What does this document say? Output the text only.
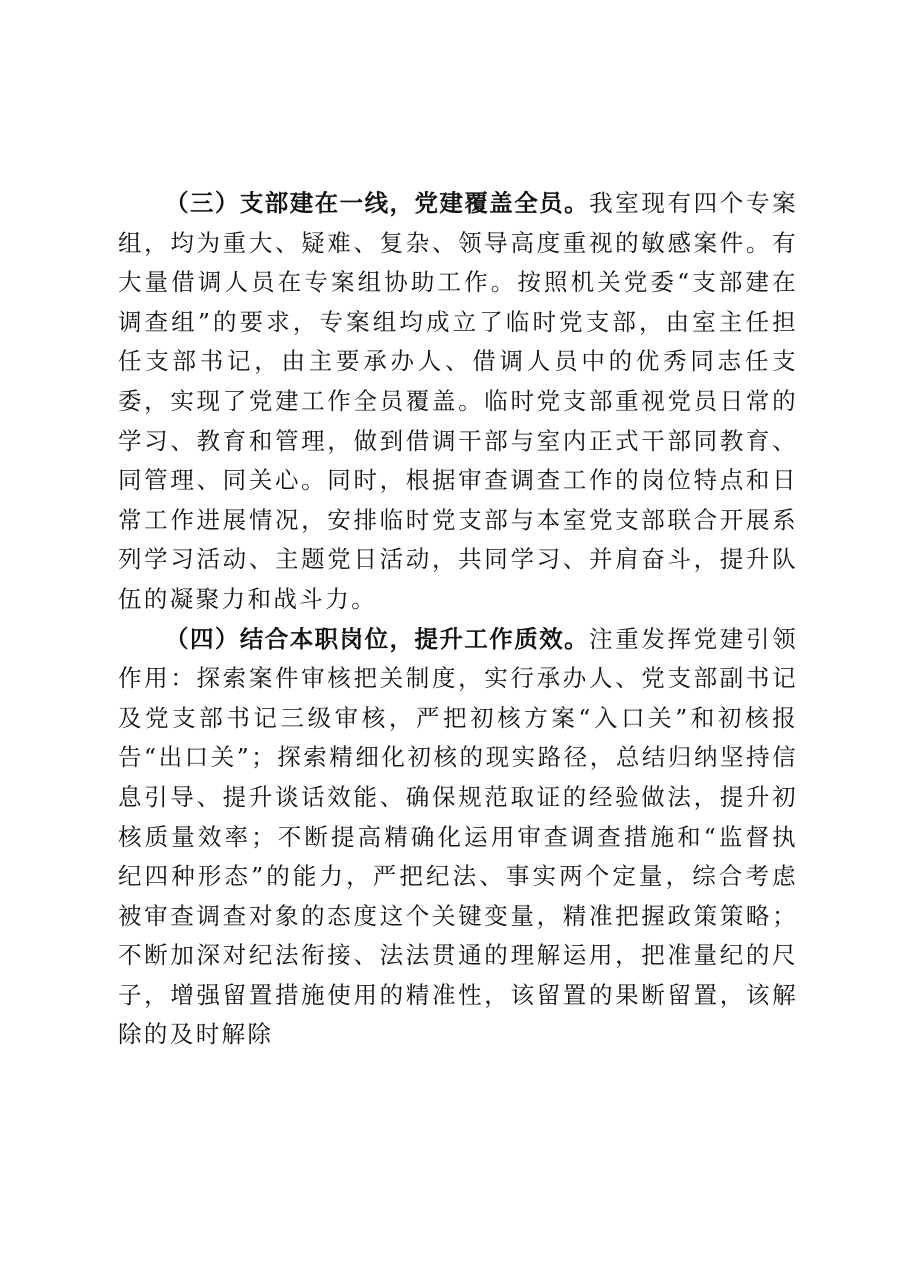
（三）支部建在一线，党建覆盖全员。我室现有四个专案组，均为重大、疑难、复杂、领导高度重视的敏感案件。有大量借调人员在专案组协助工作。按照机关党委“支部建在调查组”的要求，专案组均成立了临时党支部，由室主任担任支部书记，由主要承办人、借调人员中的优秀同志任支委，实现了党建工作全员覆盖。临时党支部重视党员日常的学习、教育和管理，做到借调干部与室内正式干部同教育、同管理、同关心。同时，根据审查调查工作的岗位特点和日常工作进展情况，安排临时党支部与本室党支部联合开展系列学习活动、主题党日活动，共同学习、并肩奋斗，提升队伍的凝聚力和战斗力。

（四）结合本职岗位，提升工作质效。注重发挥党建引领作用：探索案件审核把关制度，实行承办人、党支部副书记及党支部书记三级审核，严把初核方案“入口关”和初核报告“出口关”；探索精细化初核的现实路径，总结归纳坚持信息引导、提升谈话效能、确保规范取证的经验做法，提升初核质量效率；不断提高精确化运用审查调查措施和“监督执纪四种形态”的能力，严把纪法、事实两个定量，综合考虑被审查调查对象的态度这个关键变量，精准把握政策策略；不断加深对纪法衔接、法法贯通的理解运用，把准量纪的尺子，增强留置措施使用的精准性，该留置的果断留置，该解除的及时解除
